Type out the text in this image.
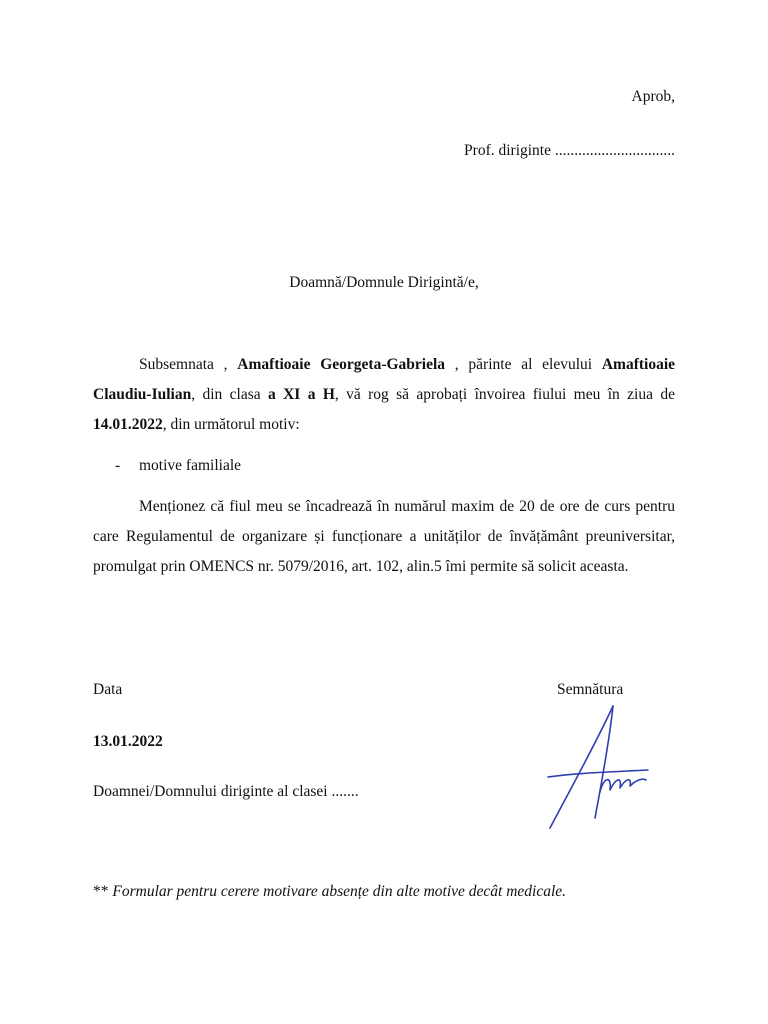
Aprob,
Prof. diriginte ...............................
Doamnă/Domnule Dirigintă/e,

Subsemnata , Amaftioaie Georgeta-Gabriela , părinte al elevului Amaftioaie Claudiu-Iulian, din clasa a XI a H, vă rog să aprobați învoirea fiului meu în ziua de 14.01.2022, din următorul motiv:

- motive familiale

Menționez că fiul meu se încadrează în numărul maxim de 20 de ore de curs pentru care Regulamentul de organizare și funcționare a unităților de învățământ preuniversitar, promulgat prin OMENCS nr. 5079/2016, art. 102, alin.5 îmi permite să solicit aceasta.

Data	Semnătura
13.01.2022
Doamnei/Domnului diriginte al clasei .......
** Formular pentru cerere motivare absențe din alte motive decât medicale.
